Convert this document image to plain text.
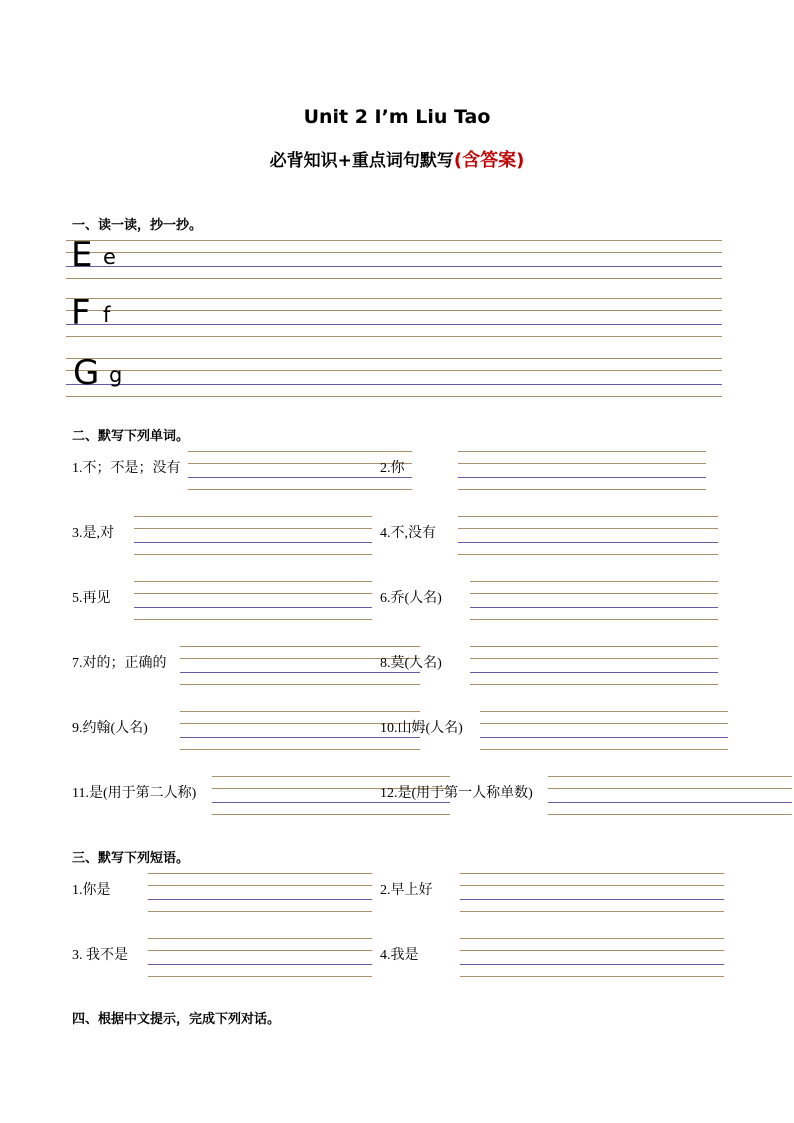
Unit 2 I’m Liu Tao
必背知识+重点词句默写(含答案)
一、读一读，抄一抄。
E e
F f
G g
二、默写下列单词。
1.不；不是；没有	2.你
3.是,对	4.不,没有
5.再见	6.乔(人名)
7.对的；正确的	8.莫(人名)
9.约翰(人名)	10.山姆(人名)
11.是(用于第二人称)	12.是(用于第一人称单数)
三、默写下列短语。
1.你是	2.早上好
3. 我不是	4.我是
四、根据中文提示，完成下列对话。
